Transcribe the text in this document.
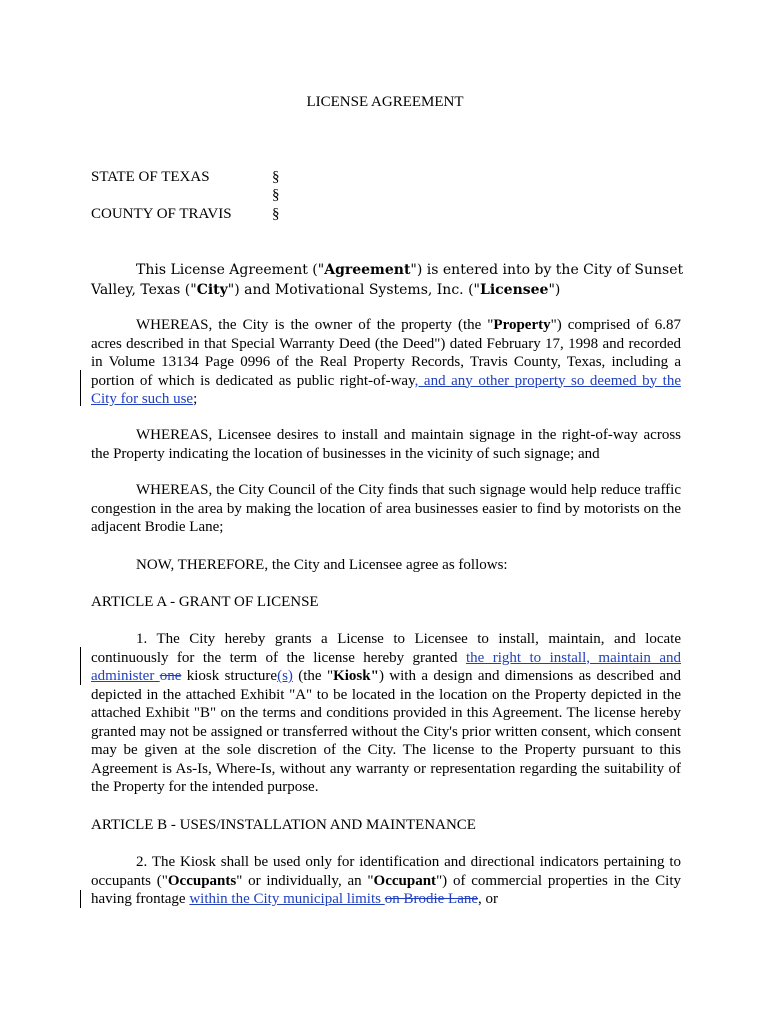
LICENSE AGREEMENT
STATE OF TEXAS
COUNTY OF TRAVIS
§
§
§
This License Agreement ("Agreement") is entered into by the City of Sunset Valley, Texas ("City") and Motivational Systems, Inc. ("Licensee")
WHEREAS, the City is the owner of the property (the "Property") comprised of 6.87 acres described in that Special Warranty Deed (the Deed") dated February 17, 1998 and recorded in Volume 13134 Page 0996 of the Real Property Records, Travis County, Texas, including a portion of which is dedicated as public right-of-way, and any other property so deemed by the City for such use;
WHEREAS, Licensee desires to install and maintain signage in the right-of-way across the Property indicating the location of businesses in the vicinity of such signage; and
WHEREAS, the City Council of the City finds that such signage would help reduce traffic congestion in the area by making the location of area businesses easier to find by motorists on the adjacent Brodie Lane;
NOW, THEREFORE, the City and Licensee agree as follows:
ARTICLE A - GRANT OF LICENSE
1. The City hereby grants a License to Licensee to install, maintain, and locate continuously for the term of the license hereby granted the right to install, maintain and administer one kiosk structure(s) (the "Kiosk") with a design and dimensions as described and depicted in the attached Exhibit "A" to be located in the location on the Property depicted in the attached Exhibit "B" on the terms and conditions provided in this Agreement. The license hereby granted may not be assigned or transferred without the City's prior written consent, which consent may be given at the sole discretion of the City. The license to the Property pursuant to this Agreement is As-Is, Where-Is, without any warranty or representation regarding the suitability of the Property for the intended purpose.
ARTICLE B - USES/INSTALLATION AND MAINTENANCE
2. The Kiosk shall be used only for identification and directional indicators pertaining to occupants ("Occupants" or individually, an "Occupant") of commercial properties in the City having frontage within the City municipal limits on Brodie Lane, or
